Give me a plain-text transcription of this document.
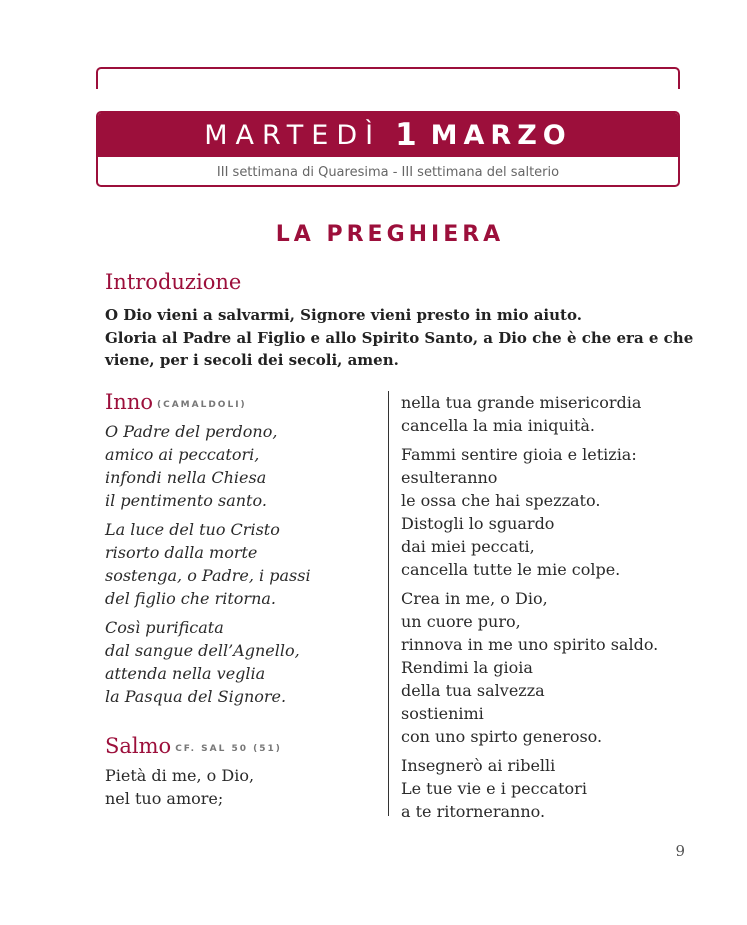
MARTEDÌ 1 MARZO
III settimana di Quaresima - III settimana del salterio
LA PREGHIERA
Introduzione
O Dio vieni a salvarmi, Signore vieni presto in mio aiuto.
Gloria al Padre al Figlio e allo Spirito Santo, a Dio che è che era e che
viene, per i secoli dei secoli, amen.
Inno $^{(CAMALDOLI)}$
O Padre del perdono,
amico ai peccatori,
infondi nella Chiesa
il pentimento santo.
La luce del tuo Cristo
risorto dalla morte
sostenga, o Padre, i passi
del figlio che ritorna.
Così purificata
dal sangue dell’Agnello,
attenda nella veglia
la Pasqua del Signore.
Salmo $^{CF. SAL 50 (51)}$
Pietà di me, o Dio,
nel tuo amore;
nella tua grande misericordia
cancella la mia iniquità.
Fammi sentire gioia e letizia:
esulteranno
le ossa che hai spezzato.
Distogli lo sguardo
dai miei peccati,
cancella tutte le mie colpe.
Crea in me, o Dio,
un cuore puro,
rinnova in me uno spirito saldo.
Rendimi la gioia
della tua salvezza
sostienimi
con uno spirto generoso.
Insegnerò ai ribelli
Le tue vie e i peccatori
a te ritorneranno.
9
